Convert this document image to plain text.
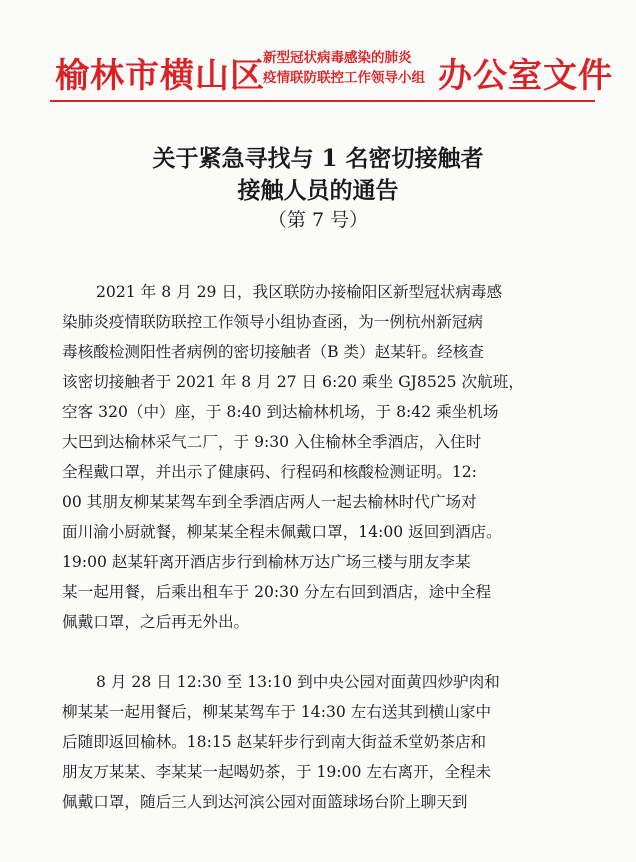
榆林市横山区
新型冠状病毒感染的肺炎
疫情联防联控工作领导小组 办公室文件
关于紧急寻找与 1 名密切接触者
接触人员的通告
（第 7 号）
2021 年 8 月 29 日，我区联防办接榆阳区新型冠状病毒感
染肺炎疫情联防联控工作领导小组协查函，为一例杭州新冠病
毒核酸检测阳性者病例的密切接触者（B 类）赵某轩。经核查
该密切接触者于 2021 年 8 月 27 日 6:20 乘坐 GJ8525 次航班，
空客 320（中）座，于 8:40 到达榆林机场，于 8:42 乘坐机场
大巴到达榆林采气二厂，于 9:30 入住榆林全季酒店，入住时
全程戴口罩，并出示了健康码、行程码和核酸检测证明。12:
00 其朋友柳某某驾车到全季酒店两人一起去榆林时代广场对
面川渝小厨就餐，柳某某全程未佩戴口罩，14:00 返回到酒店。
19:00 赵某轩离开酒店步行到榆林万达广场三楼与朋友李某
某一起用餐，后乘出租车于 20:30 分左右回到酒店，途中全程
佩戴口罩，之后再无外出。
8 月 28 日 12:30 至 13:10 到中央公园对面黄四炒驴肉和
柳某某一起用餐后，柳某某驾车于 14:30 左右送其到横山家中
后随即返回榆林。18:15 赵某轩步行到南大街益禾堂奶茶店和
朋友万某某、李某某一起喝奶茶，于 19:00 左右离开，全程未
佩戴口罩，随后三人到达河滨公园对面篮球场台阶上聊天到
